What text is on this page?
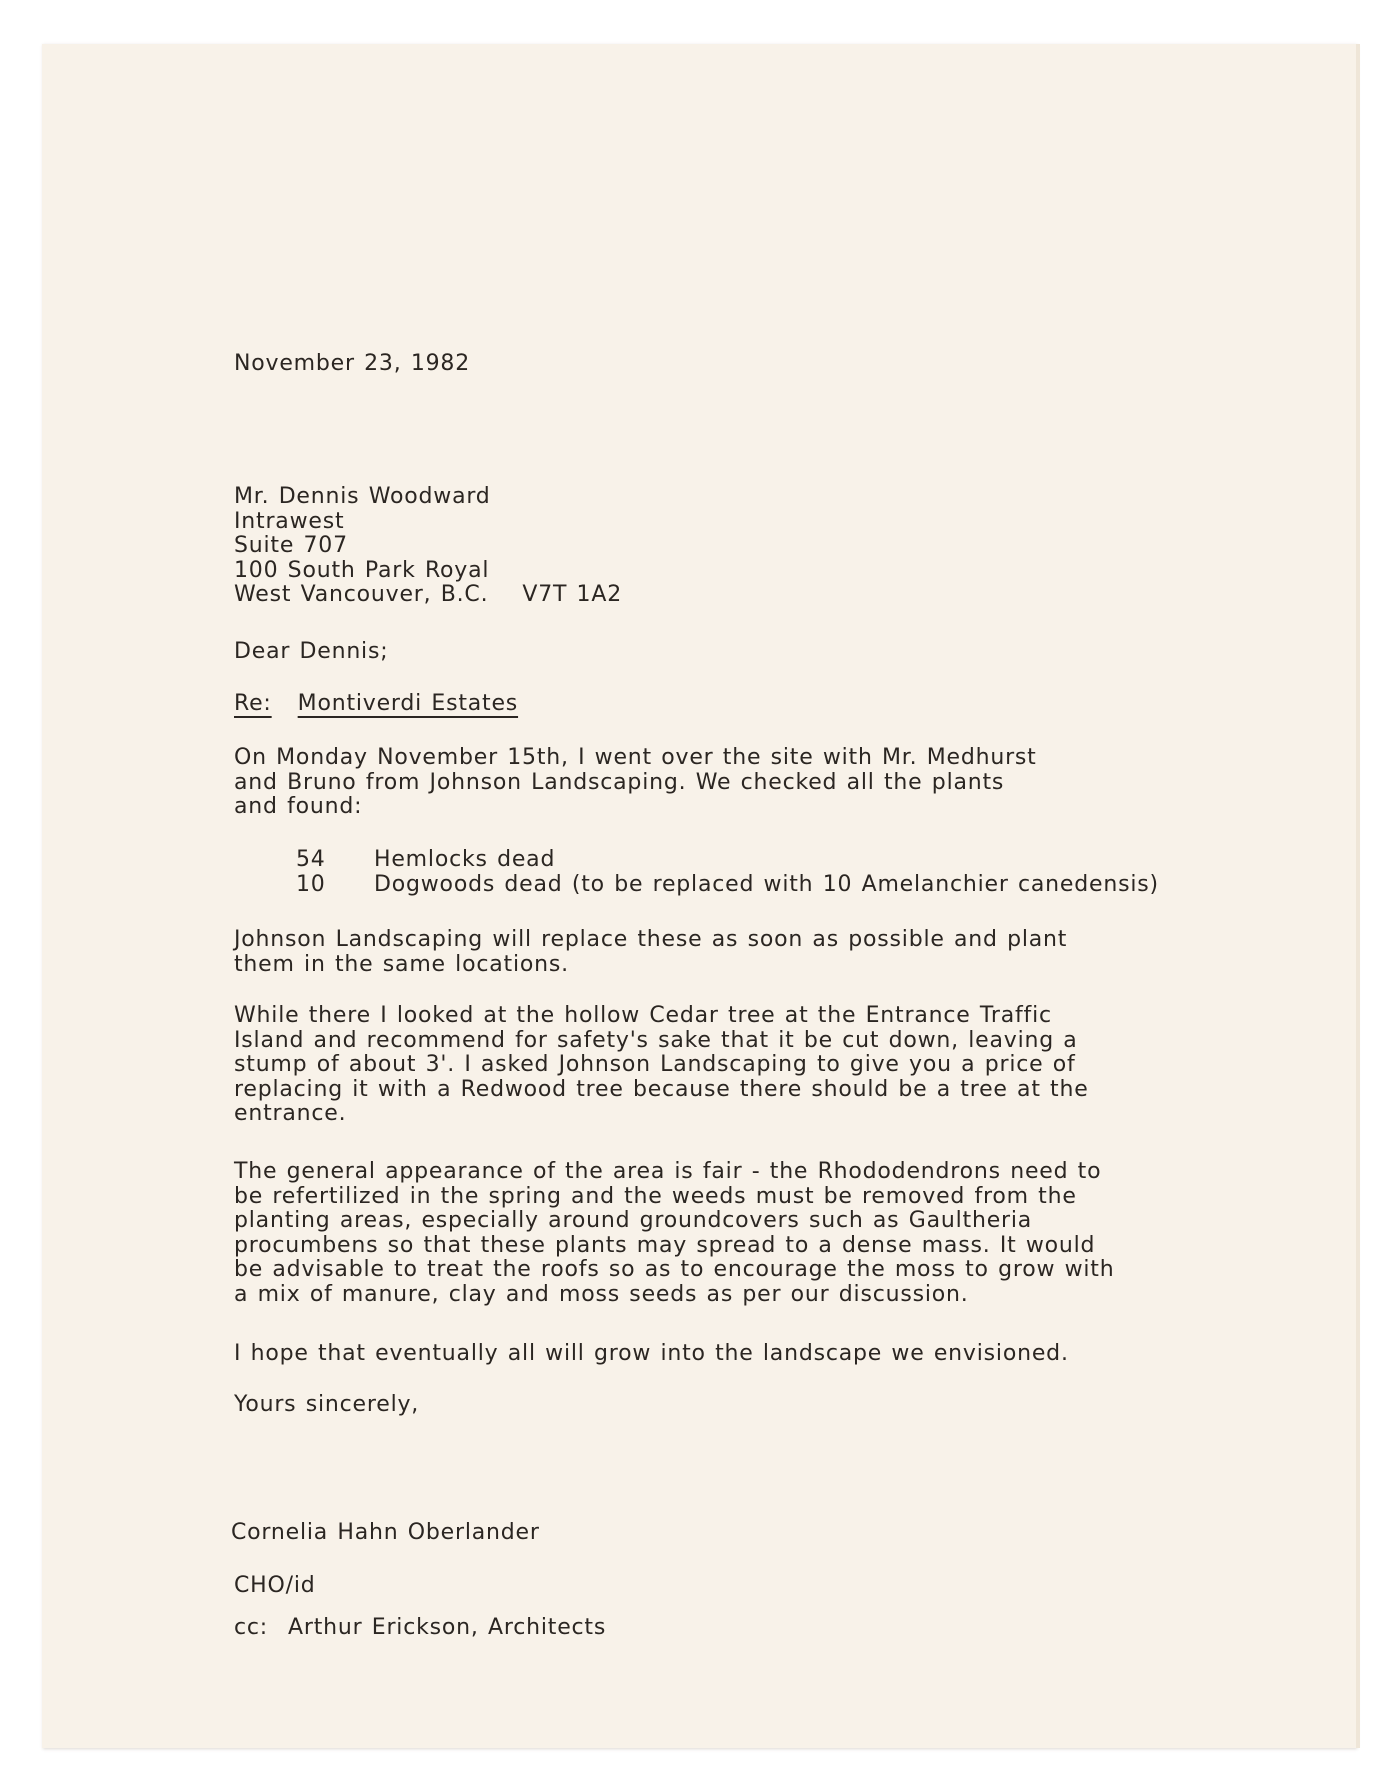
November 23, 1982
Mr. Dennis Woodward
Intrawest
Suite 707
100 South Park Royal
West Vancouver, B.C. V7T 1A2
Dear Dennis;
Re: Montiverdi Estates
On Monday November 15th, I went over the site with Mr. Medhurst
and Bruno from Johnson Landscaping. We checked all the plants
and found:
54 Hemlocks dead
10 Dogwoods dead (to be replaced with 10 Amelanchier canedensis)
Johnson Landscaping will replace these as soon as possible and plant
them in the same locations.
While there I looked at the hollow Cedar tree at the Entrance Traffic
Island and recommend for safety's sake that it be cut down, leaving a
stump of about 3'. I asked Johnson Landscaping to give you a price of
replacing it with a Redwood tree because there should be a tree at the
entrance.
The general appearance of the area is fair - the Rhododendrons need to
be refertilized in the spring and the weeds must be removed from the
planting areas, especially around groundcovers such as Gaultheria
procumbens so that these plants may spread to a dense mass. It would
be advisable to treat the roofs so as to encourage the moss to grow with
a mix of manure, clay and moss seeds as per our discussion.
I hope that eventually all will grow into the landscape we envisioned.
Yours sincerely,
Cornelia Hahn Oberlander
CHO/id
cc: Arthur Erickson, Architects
